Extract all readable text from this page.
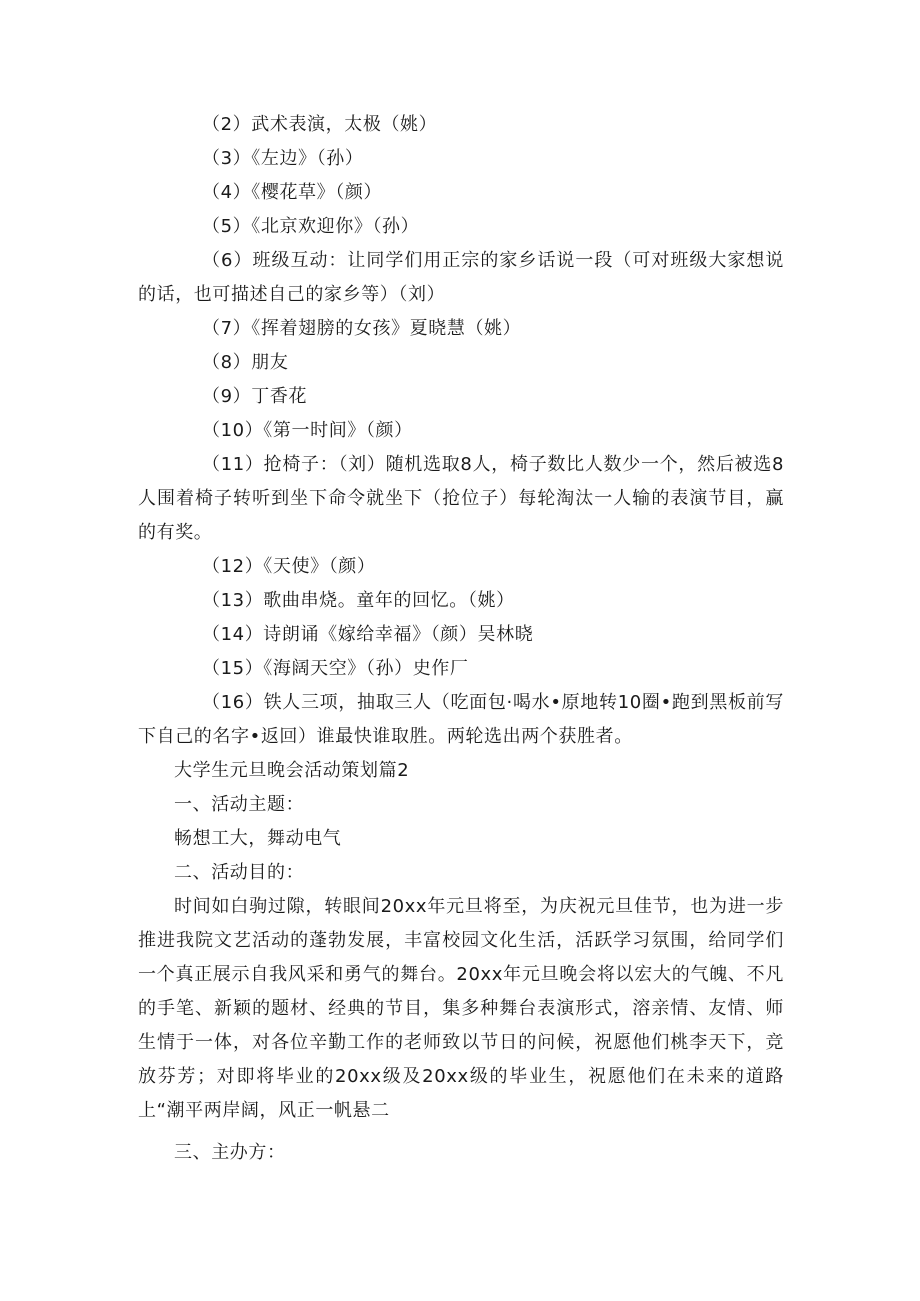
（2）武术表演，太极（姚）

（3）《左边》（孙）

（4）《樱花草》（颜）

（5）《北京欢迎你》（孙）

（6）班级互动：让同学们用正宗的家乡话说一段（可对班级大家想说的话，也可描述自己的家乡等）（刘）

（7）《挥着翅膀的女孩》夏晓慧（姚）

（8）朋友

（9）丁香花

（10）《第一时间》（颜）

（11）抢椅子：（刘）随机选取8人，椅子数比人数少一个，然后被选8人围着椅子转听到坐下命令就坐下（抢位子）每轮淘汰一人输的表演节目，赢的有奖。

（12）《天使》（颜）

（13）歌曲串烧。童年的回忆。（姚）

（14）诗朗诵《嫁给幸福》（颜）吴林晓

（15）《海阔天空》（孙）史作厂

（16）铁人三项，抽取三人（吃面包·喝水•原地转10圈•跑到黑板前写下自己的名字•返回）谁最快谁取胜。两轮选出两个获胜者。

大学生元旦晚会活动策划篇2

一、活动主题：

畅想工大，舞动电气

二、活动目的：

时间如白驹过隙，转眼间20xx年元旦将至，为庆祝元旦佳节，也为进一步推进我院文艺活动的蓬勃发展，丰富校园文化生活，活跃学习氛围，给同学们一个真正展示自我风采和勇气的舞台。20xx年元旦晚会将以宏大的气魄、不凡的手笔、新颖的题材、经典的节目，集多种舞台表演形式，溶亲情、友情、师生情于一体，对各位辛勤工作的老师致以节日的问候，祝愿他们桃李天下，竞放芬芳；对即将毕业的20xx级及20xx级的毕业生，祝愿他们在未来的道路上“潮平两岸阔，风正一帆悬二

三、主办方：
